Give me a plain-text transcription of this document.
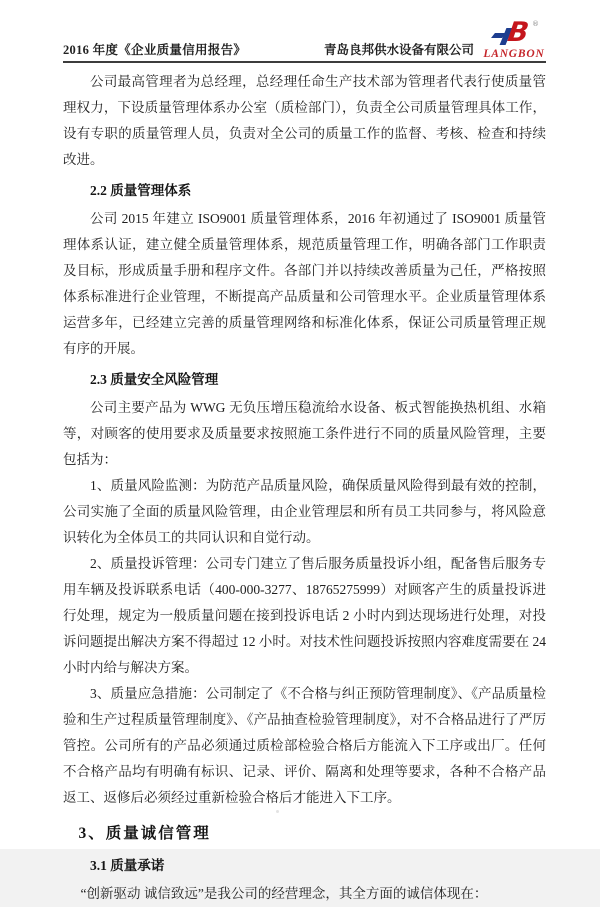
2016 年度《企业质量信用报告》	青岛良邦供水设备有限公司
B ®
LANGBON

公司最高管理者为总经理，总经理任命生产技术部为管理者代表行使质量管理权力，下设质量管理体系办公室（质检部门），负责全公司质量管理具体工作，设有专职的质量管理人员，负责对全公司的质量工作的监督、考核、检查和持续改进。

2.2 质量管理体系

公司 2015 年建立 ISO9001 质量管理体系，2016 年初通过了 ISO9001 质量管理体系认证，建立健全质量管理体系，规范质量管理工作，明确各部门工作职责及目标，形成质量手册和程序文件。各部门并以持续改善质量为己任，严格按照体系标准进行企业管理，不断提高产品质量和公司管理水平。企业质量管理体系运营多年，已经建立完善的质量管理网络和标准化体系，保证公司质量管理正规有序的开展。

2.3 质量安全风险管理

公司主要产品为 WWG 无负压增压稳流给水设备、板式智能换热机组、水箱等，对顾客的使用要求及质量要求按照施工条件进行不同的质量风险管理，主要包括为：

1、质量风险监测：为防范产品质量风险，确保质量风险得到最有效的控制，公司实施了全面的质量风险管理，由企业管理层和所有员工共同参与，将风险意识转化为全体员工的共同认识和自觉行动。

2、质量投诉管理：公司专门建立了售后服务质量投诉小组，配备售后服务专用车辆及投诉联系电话（400-000-3277、18765275999）对顾客产生的质量投诉进行处理，规定为一般质量问题在接到投诉电话 2 小时内到达现场进行处理，对投诉问题提出解决方案不得超过 12 小时。对技术性问题投诉按照内容难度需要在 24 小时内给与解决方案。

3、质量应急措施：公司制定了《不合格与纠正预防管理制度》、《产品质量检验和生产过程质量管理制度》、《产品抽查检验管理制度》，对不合格品进行了严厉管控。公司所有的产品必须通过质检部检验合格后方能流入下工序或出厂。任何不合格产品均有明确有标识、记录、评价、隔离和处理等要求，各种不合格产品返工、返修后必须经过重新检验合格后才能进入下工序。

3、质量诚信管理
3.1 质量承诺

“创新驱动 诚信致远”是我公司的经营理念，其全方面的诚信体现在：
